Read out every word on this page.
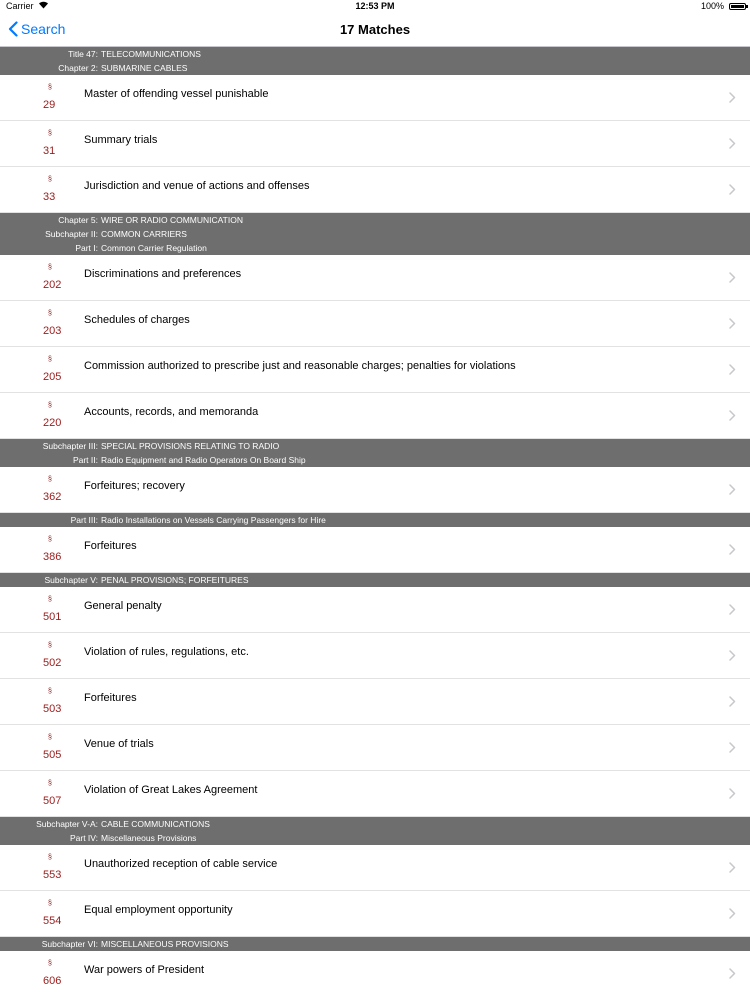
Carrier	12:53 PM	100%
Search	17 Matches
Title 47: TELECOMMUNICATIONS
Chapter 2: SUBMARINE CABLES
§
29
Master of offending vessel punishable
§
31
Summary trials
§
33
Jurisdiction and venue of actions and offenses
Chapter 5: WIRE OR RADIO COMMUNICATION
Subchapter II: COMMON CARRIERS
Part I: Common Carrier Regulation
§
202
Discriminations and preferences
§
203
Schedules of charges
§
205
Commission authorized to prescribe just and reasonable charges; penalties for violations
§
220
Accounts, records, and memoranda
Subchapter III: SPECIAL PROVISIONS RELATING TO RADIO
Part II: Radio Equipment and Radio Operators On Board Ship
§
362
Forfeitures; recovery
Part III: Radio Installations on Vessels Carrying Passengers for Hire
§
386
Forfeitures
Subchapter V: PENAL PROVISIONS; FORFEITURES
§
501
General penalty
§
502
Violation of rules, regulations, etc.
§
503
Forfeitures
§
505
Venue of trials
§
507
Violation of Great Lakes Agreement
Subchapter V-A: CABLE COMMUNICATIONS
Part IV: Miscellaneous Provisions
§
553
Unauthorized reception of cable service
§
554
Equal employment opportunity
Subchapter VI: MISCELLANEOUS PROVISIONS
§
606
War powers of President
